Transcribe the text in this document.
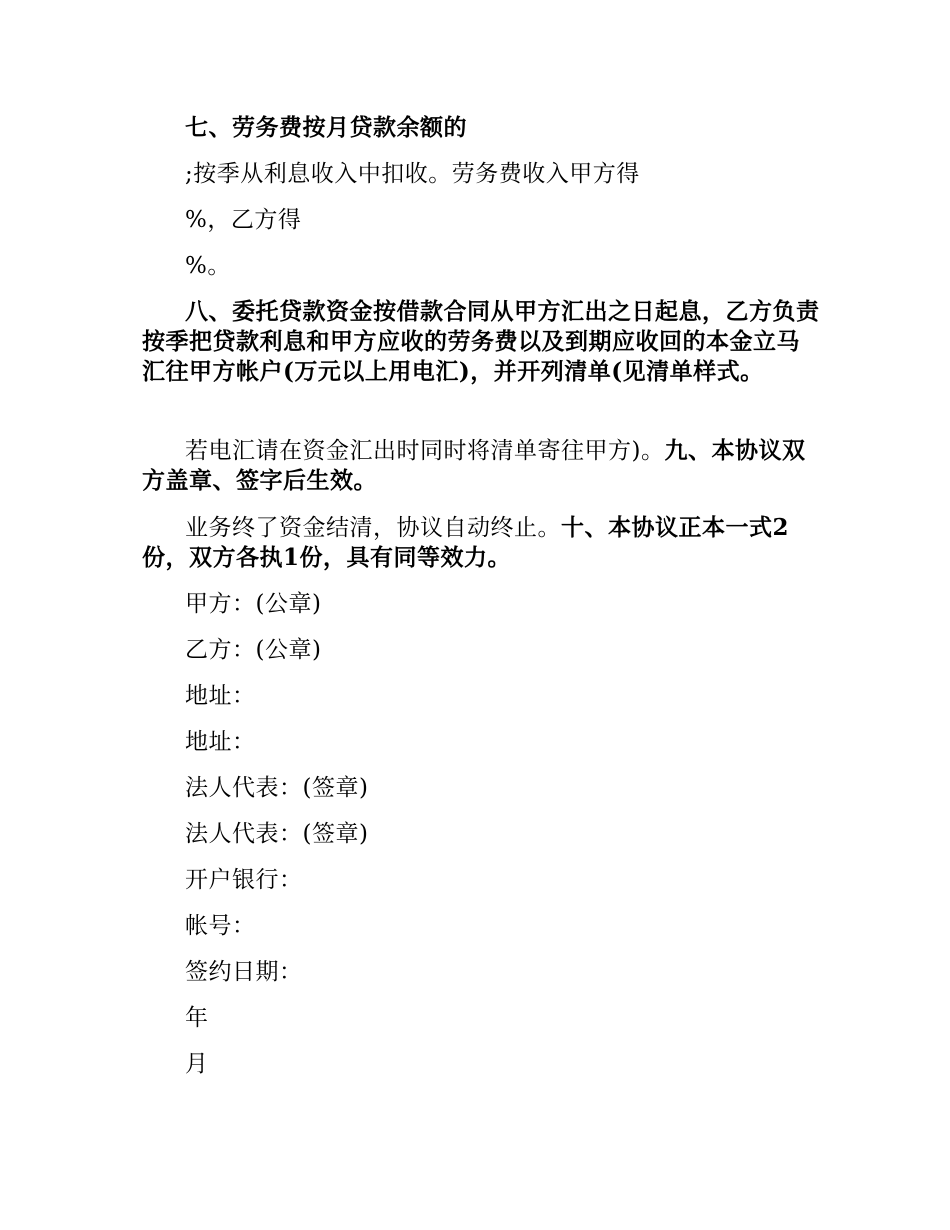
七、劳务费按月贷款余额的
;按季从利息收入中扣收。劳务费收入甲方得
%，乙方得
%。
八、委托贷款资金按借款合同从甲方汇出之日起息，乙方负责按季把贷款利息和甲方应收的劳务费以及到期应收回的本金立马汇往甲方帐户(万元以上用电汇)，并开列清单(见清单样式。
若电汇请在资金汇出时同时将清单寄往甲方)。九、本协议双方盖章、签字后生效。
业务终了资金结清，协议自动终止。十、本协议正本一式2份，双方各执1份，具有同等效力。
甲方：(公章)
乙方：(公章)
地址：
地址：
法人代表：(签章)
法人代表：(签章)
开户银行：
帐号：
签约日期：
年
月
